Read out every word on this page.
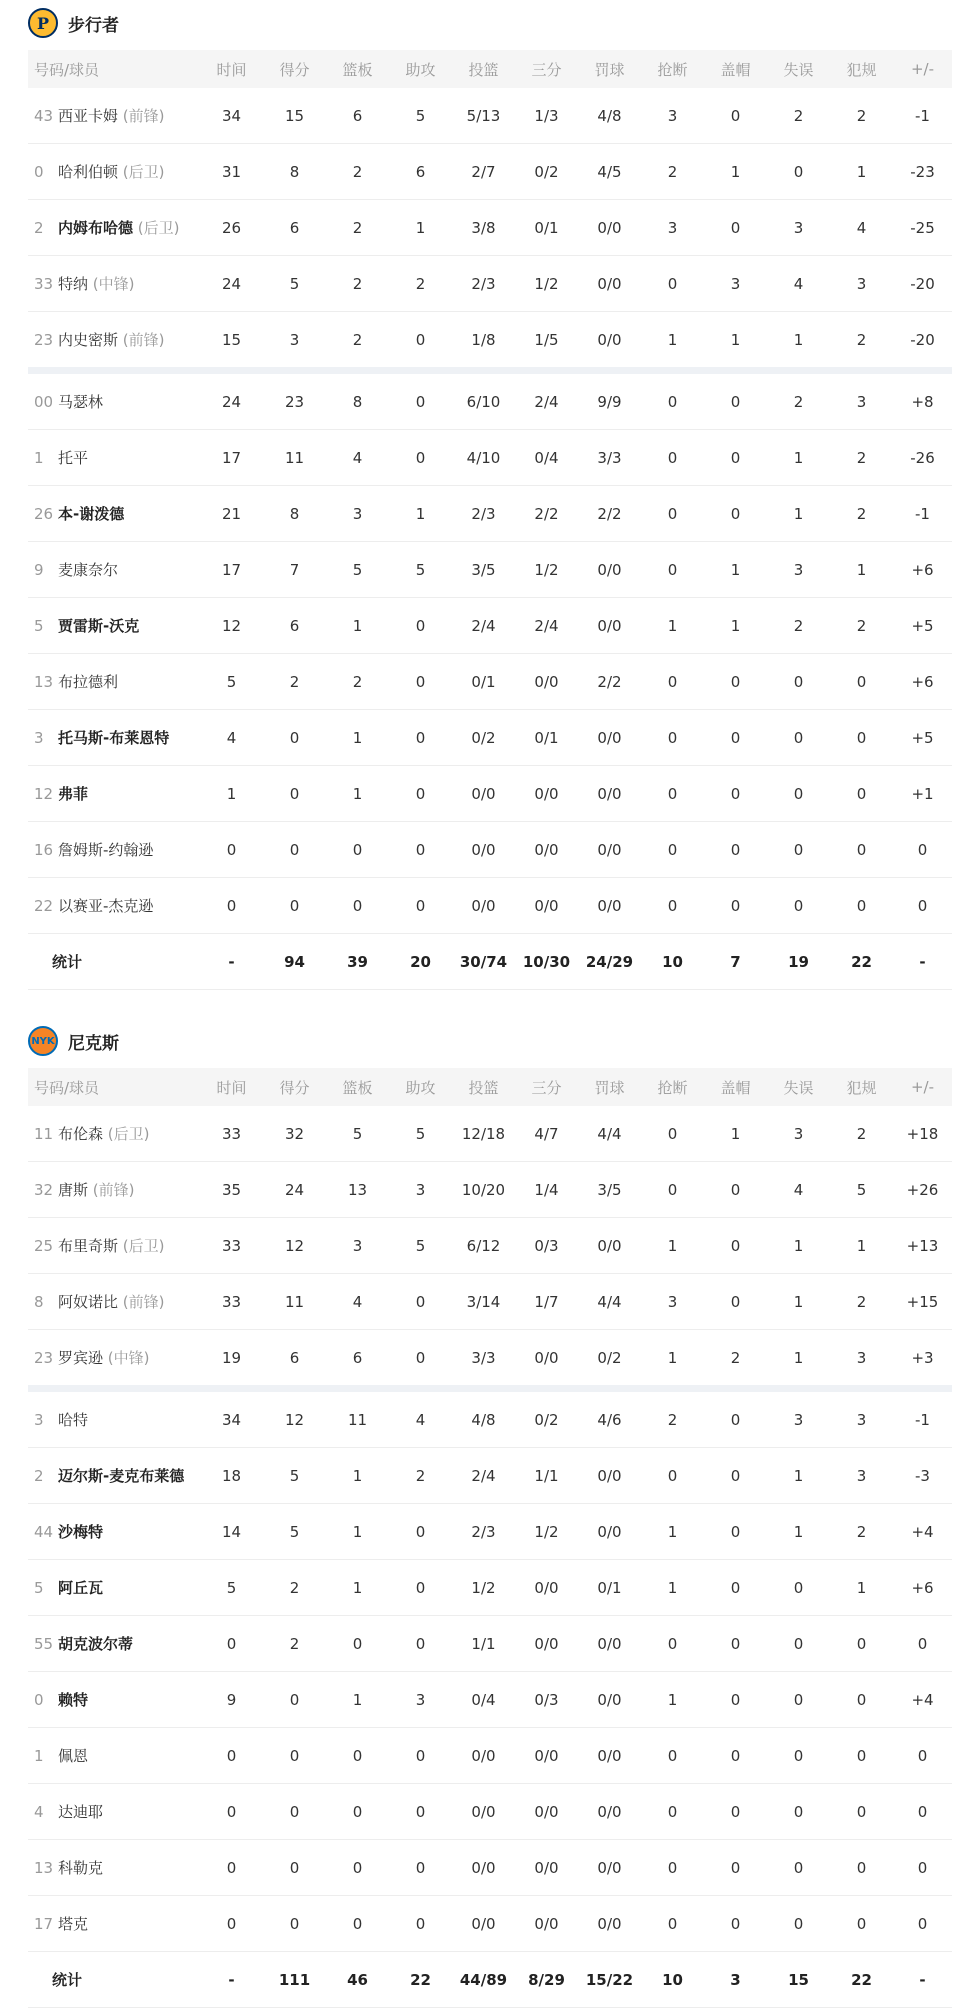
P 步行者
号码/球员	时间	得分	篮板	助攻	投篮	三分	罚球	抢断	盖帽	失误	犯规	+/-
43 西亚卡姆 (前锋)	34	15	6	5	5/13	1/3	4/8	3	0	2	2	-1
0 哈利伯顿 (后卫)	31	8	2	6	2/7	0/2	4/5	2	1	0	1	-23
2 内姆布哈德 (后卫)	26	6	2	1	3/8	0/1	0/0	3	0	3	4	-25
33 特纳 (中锋)	24	5	2	2	2/3	1/2	0/0	0	3	4	3	-20
23 内史密斯 (前锋)	15	3	2	0	1/8	1/5	0/0	1	1	1	2	-20
00 马瑟林	24	23	8	0	6/10	2/4	9/9	0	0	2	3	+8
1 托平	17	11	4	0	4/10	0/4	3/3	0	0	1	2	-26
26 本-谢泼德	21	8	3	1	2/3	2/2	2/2	0	0	1	2	-1
9 麦康奈尔	17	7	5	5	3/5	1/2	0/0	0	1	3	1	+6
5 贾雷斯-沃克	12	6	1	0	2/4	2/4	0/0	1	1	2	2	+5
13 布拉德利	5	2	2	0	0/1	0/0	2/2	0	0	0	0	+6
3 托马斯-布莱恩特	4	0	1	0	0/2	0/1	0/0	0	0	0	0	+5
12 弗菲	1	0	1	0	0/0	0/0	0/0	0	0	0	0	+1
16 詹姆斯-约翰逊	0	0	0	0	0/0	0/0	0/0	0	0	0	0	0
22 以赛亚-杰克逊	0	0	0	0	0/0	0/0	0/0	0	0	0	0	0
统计	-	94	39	20	30/74	10/30	24/29	10	7	19	22	-
NYK 尼克斯
号码/球员	时间	得分	篮板	助攻	投篮	三分	罚球	抢断	盖帽	失误	犯规	+/-
11 布伦森 (后卫)	33	32	5	5	12/18	4/7	4/4	0	1	3	2	+18
32 唐斯 (前锋)	35	24	13	3	10/20	1/4	3/5	0	0	4	5	+26
25 布里奇斯 (后卫)	33	12	3	5	6/12	0/3	0/0	1	0	1	1	+13
8 阿奴诺比 (前锋)	33	11	4	0	3/14	1/7	4/4	3	0	1	2	+15
23 罗宾逊 (中锋)	19	6	6	0	3/3	0/0	0/2	1	2	1	3	+3
3 哈特	34	12	11	4	4/8	0/2	4/6	2	0	3	3	-1
2 迈尔斯-麦克布莱德	18	5	1	2	2/4	1/1	0/0	0	0	1	3	-3
44 沙梅特	14	5	1	0	2/3	1/2	0/0	1	0	1	2	+4
5 阿丘瓦	5	2	1	0	1/2	0/0	0/1	1	0	0	1	+6
55 胡克波尔蒂	0	2	0	0	1/1	0/0	0/0	0	0	0	0	0
0 赖特	9	0	1	3	0/4	0/3	0/0	1	0	0	0	+4
1 佩恩	0	0	0	0	0/0	0/0	0/0	0	0	0	0	0
4 达迪耶	0	0	0	0	0/0	0/0	0/0	0	0	0	0	0
13 科勒克	0	0	0	0	0/0	0/0	0/0	0	0	0	0	0
17 塔克	0	0	0	0	0/0	0/0	0/0	0	0	0	0	0
统计	-	111	46	22	44/89	8/29	15/22	10	3	15	22	-
